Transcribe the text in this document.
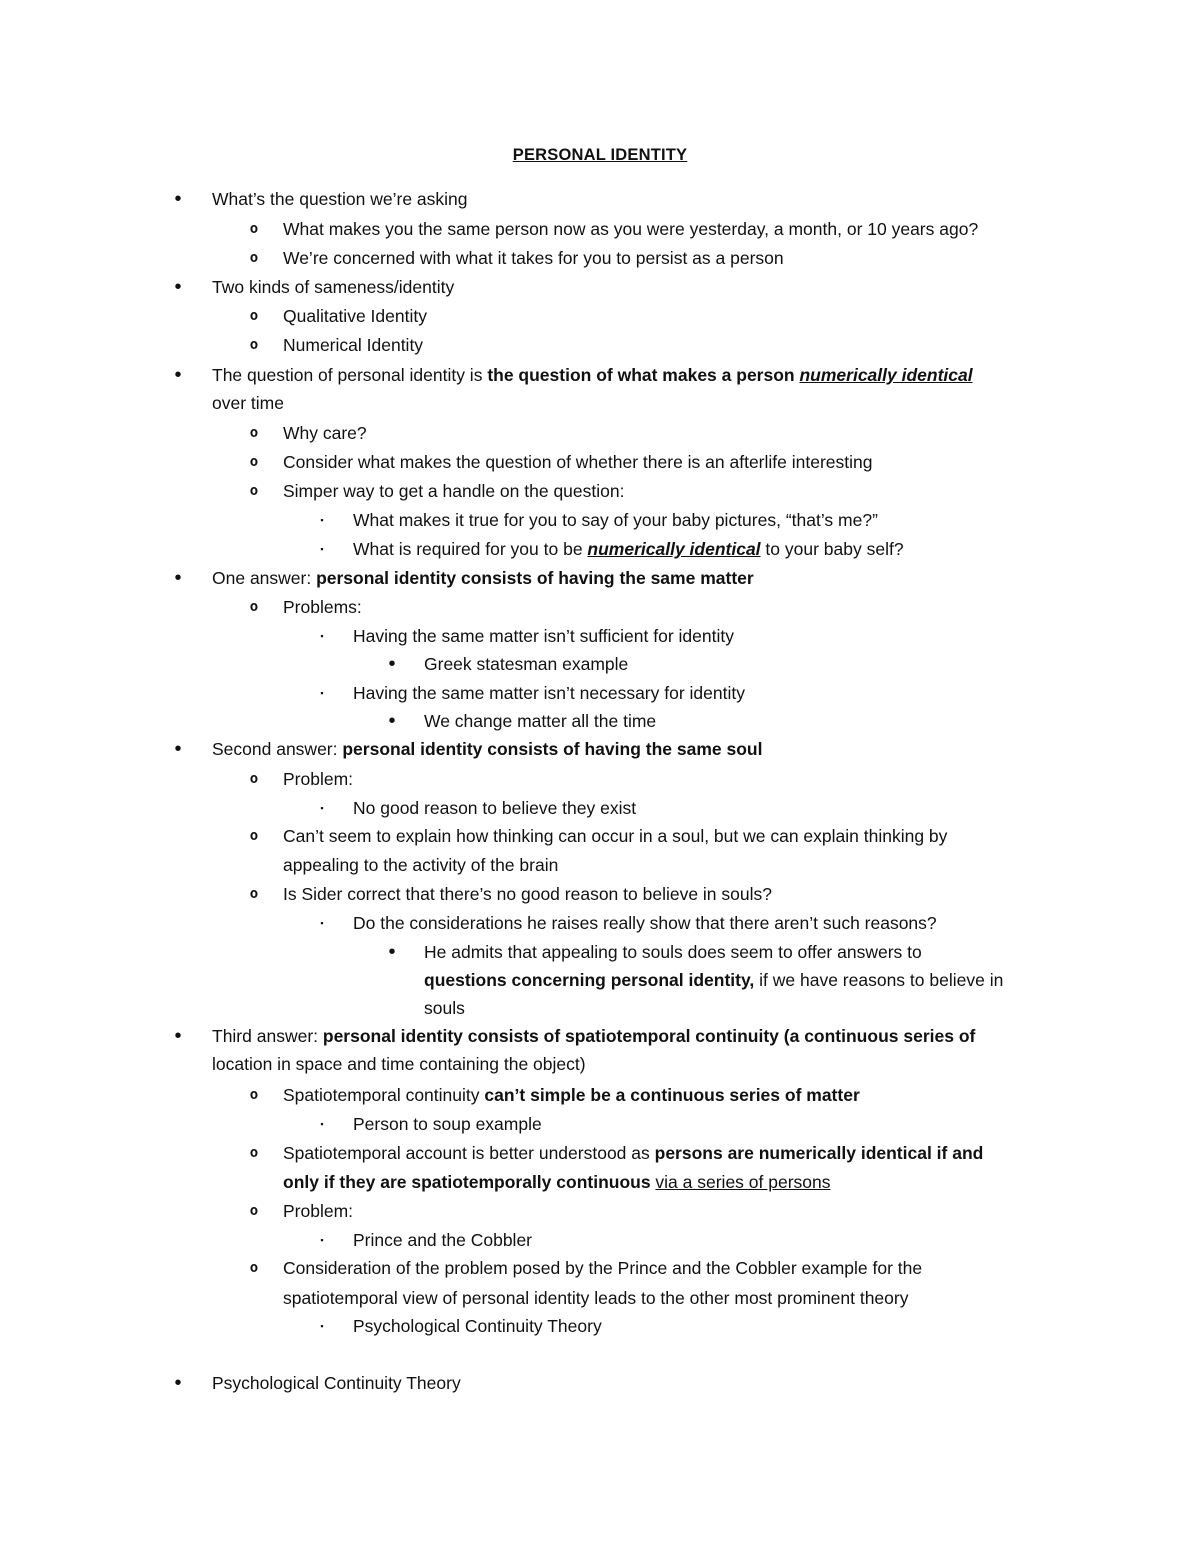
PERSONAL IDENTITY
•	What’s the question we’re asking
o	What makes you the same person now as you were yesterday, a month, or 10 years ago?
o	We’re concerned with what it takes for you to persist as a person
•	Two kinds of sameness/identity
o	Qualitative Identity
o	Numerical Identity
•	The question of personal identity is the question of what makes a person numerically identical
over time
o	Why care?
o	Consider what makes the question of whether there is an afterlife interesting
o	Simper way to get a handle on the question:
▪	What makes it true for you to say of your baby pictures, “that’s me?”
▪	What is required for you to be numerically identical to your baby self?
•	One answer: personal identity consists of having the same matter
o	Problems:
▪	Having the same matter isn’t sufficient for identity
•	Greek statesman example
▪	Having the same matter isn’t necessary for identity
•	We change matter all the time
•	Second answer: personal identity consists of having the same soul
o	Problem:
▪	No good reason to believe they exist
o	Can’t seem to explain how thinking can occur in a soul, but we can explain thinking by
appealing to the activity of the brain
o	Is Sider correct that there’s no good reason to believe in souls?
▪	Do the considerations he raises really show that there aren’t such reasons?
•	He admits that appealing to souls does seem to offer answers to
questions concerning personal identity, if we have reasons to believe in
souls
•	Third answer: personal identity consists of spatiotemporal continuity (a continuous series of
location in space and time containing the object)
o	Spatiotemporal continuity can’t simple be a continuous series of matter
▪	Person to soup example
o	Spatiotemporal account is better understood as persons are numerically identical if and
only if they are spatiotemporally continuous via a series of persons
o	Problem:
▪	Prince and the Cobbler
o	Consideration of the problem posed by the Prince and the Cobbler example for the
spatiotemporal view of personal identity leads to the other most prominent theory
▪	Psychological Continuity Theory
•	Psychological Continuity Theory
